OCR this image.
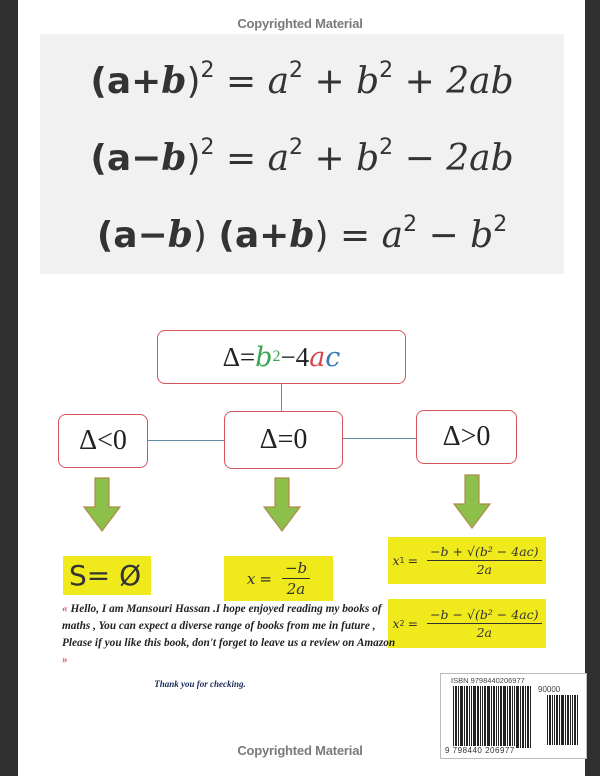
Copyrighted Material
$(a+b)^2 = a^2 + b^2 + 2ab$
$(a-b)^2 = a^2 + b^2 - 2ab$
(a−b) $(a+b) = a^2 - b^2$
Δ= b 2 −4 a c
Δ<0	Δ=0	Δ>0
S= Ø	$x = \frac{-b}{2a}$	x $1 = \frac{\text{−b + √(b² − 4ac)}}{2a}$
x $2 = \frac{\text{−b − √(b² − 4ac)}}{2a}$
« Hello, I am Mansouri Hassan .I hope enjoyed reading my books of maths , You can expect a diverse range of books from me in future , Please if you like this book, don't forget to leave us a review on Amazon »
Thank you for checking.	ISBN 9798440206977
90000
9 798440 206977
Copyrighted Material
